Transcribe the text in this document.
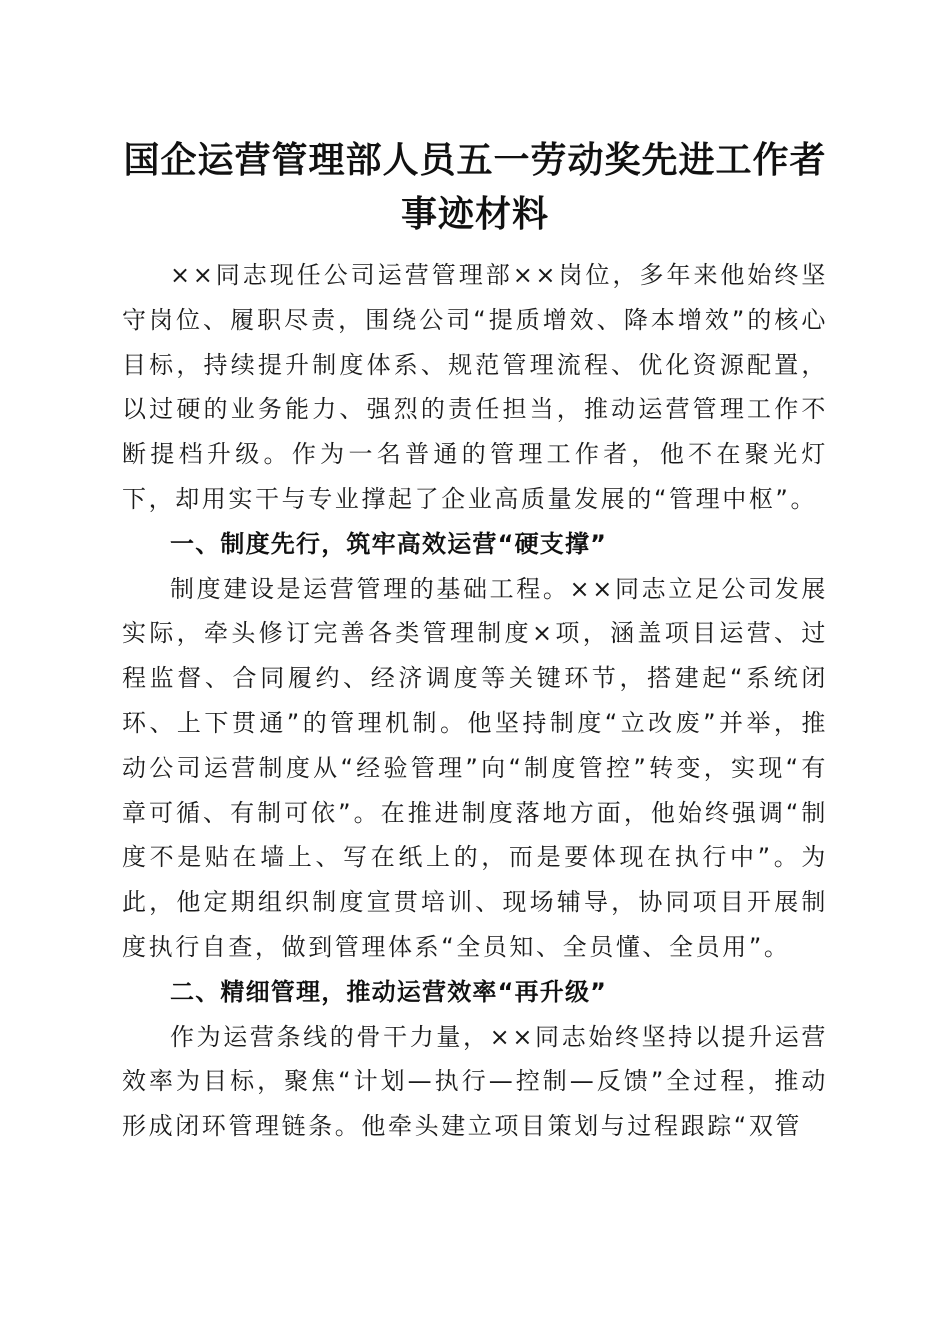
国企运营管理部人员五一劳动奖先进工作者事迹材料

××同志现任公司运营管理部××岗位，多年来他始终坚守岗位、履职尽责，围绕公司“提质增效、降本增效”的核心目标，持续提升制度体系、规范管理流程、优化资源配置，以过硬的业务能力、强烈的责任担当，推动运营管理工作不断提档升级。作为一名普通的管理工作者，他不在聚光灯下，却用实干与专业撑起了企业高质量发展的“管理中枢”。

一、制度先行，筑牢高效运营“硬支撑”

制度建设是运营管理的基础工程。××同志立足公司发展实际，牵头修订完善各类管理制度×项，涵盖项目运营、过程监督、合同履约、经济调度等关键环节，搭建起“系统闭环、上下贯通”的管理机制。他坚持制度“立改废”并举，推动公司运营制度从“经验管理”向“制度管控”转变，实现“有章可循、有制可依”。在推进制度落地方面，他始终强调“制度不是贴在墙上、写在纸上的，而是要体现在执行中”。为此，他定期组织制度宣贯培训、现场辅导，协同项目开展制度执行自查，做到管理体系“全员知、全员懂、全员用”。

二、精细管理，推动运营效率“再升级”

作为运营条线的骨干力量，××同志始终坚持以提升运营效率为目标，聚焦“计划—执行—控制—反馈”全过程，推动形成闭环管理链条。他牵头建立项目策划与过程跟踪“双管
